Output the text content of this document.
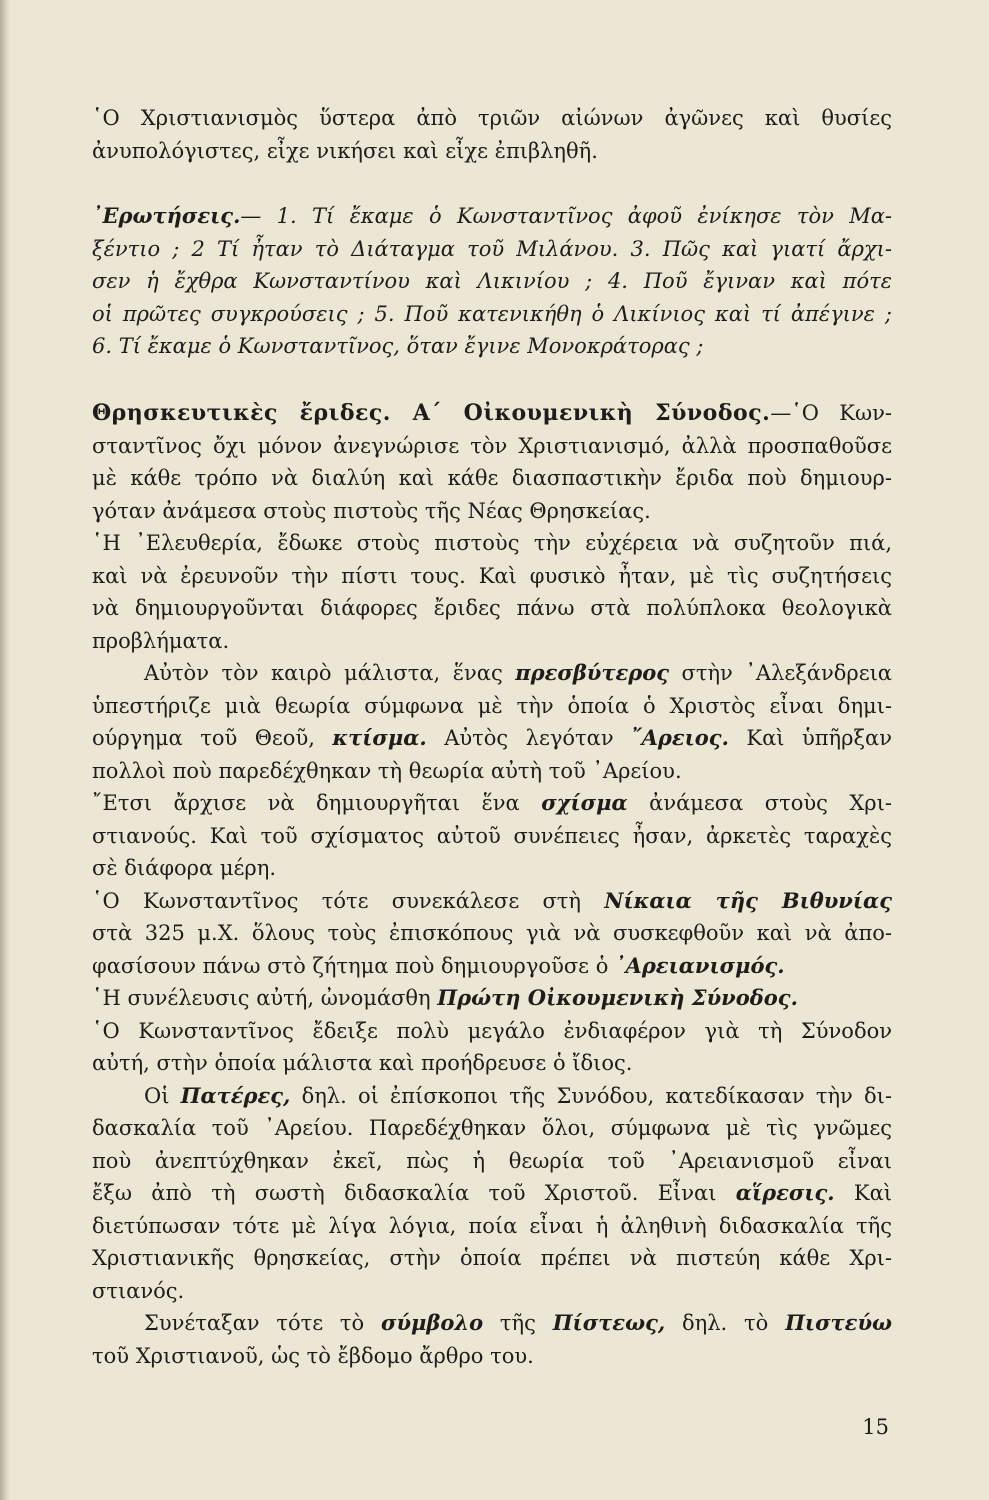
῾Ο Χριστιανισμὸς ὕστερα ἀπὸ τριῶν αἰώνων ἀγῶνες καὶ θυσίες
ἀνυπολόγιστες, εἶχε νικήσει καὶ εἶχε ἐπιβληθῆ.
᾿Ερωτήσεις.— 1. Τί ἔκαμε ὁ Κωνσταντῖνος ἀφοῦ ἐνίκησε τὸν Μα-
ξέντιο ; 2 Τί ἦταν τὸ Διάταγμα τοῦ Μιλάνου. 3. Πῶς καὶ γιατί ἄρχι-
σεν ἡ ἔχθρα Κωνσταντίνου καὶ Λικινίου ; 4. Ποῦ ἔγιναν καὶ πότε
οἱ πρῶτες συγκρούσεις ; 5. Ποῦ κατενικήθη ὁ Λικίνιος καὶ τί ἀπέγινε ;
6. Τί ἔκαμε ὁ Κωνσταντῖνος, ὅταν ἔγινε Μονοκράτορας ;
Θρησκευτικὲς ἔριδες. Α΄ Οἰκουμενικὴ Σύνοδος.—῾Ο Κων-
σταντῖνος ὄχι μόνον ἀνεγνώρισε τὸν Χριστιανισμό, ἀλλὰ προσπαθοῦσε
μὲ κάθε τρόπο νὰ διαλύη καὶ κάθε διασπαστικὴν ἔριδα ποὺ δημιουρ-
γόταν ἀνάμεσα στοὺς πιστοὺς τῆς Νέας Θρησκείας.
῾Η ᾿Ελευθερία, ἔδωκε στοὺς πιστοὺς τὴν εὐχέρεια νὰ συζητοῦν πιά,
καὶ νὰ ἐρευνοῦν τὴν πίστι τους. Καὶ φυσικὸ ἦταν, μὲ τὶς συζητήσεις
νὰ δημιουργοῦνται διάφορες ἔριδες πάνω στὰ πολύπλοκα θεολογικὰ
προβλήματα.
Αὐτὸν τὸν καιρὸ μάλιστα, ἕνας πρεσβύτερος στὴν ᾿Αλεξάνδρεια
ὑπεστήριζε μιὰ θεωρία σύμφωνα μὲ τὴν ὁποία ὁ Χριστὸς εἶναι δημι-
ούργημα τοῦ Θεοῦ, κτίσμα. Αὐτὸς λεγόταν ῎Αρειος. Καὶ ὑπῆρξαν
πολλοὶ ποὺ παρεδέχθηκαν τὴ θεωρία αὐτὴ τοῦ ᾿Αρείου.
῎Ετσι ἄρχισε νὰ δημιουργῆται ἕνα σχίσμα ἀνάμεσα στοὺς Χρι-
στιανούς. Καὶ τοῦ σχίσματος αὐτοῦ συνέπειες ἦσαν, ἀρκετὲς ταραχὲς
σὲ διάφορα μέρη.
῾Ο Κωνσταντῖνος τότε συνεκάλεσε στὴ Νίκαια τῆς Βιθυνίας
στὰ 325 μ.Χ. ὅλους τοὺς ἐπισκόπους γιὰ νὰ συσκεφθοῦν καὶ νὰ ἀπο-
φασίσουν πάνω στὸ ζήτημα ποὺ δημιουργοῦσε ὁ ᾿Αρειανισμός.
῾Η συνέλευσις αὐτή, ὠνομάσθη Πρώτη Οἰκουμενικὴ Σύνοδος.
῾Ο Κωνσταντῖνος ἔδειξε πολὺ μεγάλο ἐνδιαφέρον γιὰ τὴ Σύνοδον
αὐτή, στὴν ὁποία μάλιστα καὶ προήδρευσε ὁ ἴδιος.
Οἱ Πατέρες, δηλ. οἱ ἐπίσκοποι τῆς Συνόδου, κατεδίκασαν τὴν δι-
δασκαλία τοῦ ᾿Αρείου. Παρεδέχθηκαν ὅλοι, σύμφωνα μὲ τὶς γνῶμες
ποὺ ἀνεπτύχθηκαν ἐκεῖ, πὼς ἡ θεωρία τοῦ ᾿Αρειανισμοῦ εἶναι
ἔξω ἀπὸ τὴ σωστὴ διδασκαλία τοῦ Χριστοῦ. Εἶναι αἵρεσις. Καὶ
διετύπωσαν τότε μὲ λίγα λόγια, ποία εἶναι ἡ ἀληθινὴ διδασκαλία τῆς
Χριστιανικῆς θρησκείας, στὴν ὁποία πρέπει νὰ πιστεύη κάθε Χρι-
στιανός.
Συνέταξαν τότε τὸ σύμβολο τῆς Πίστεως, δηλ. τὸ Πιστεύω
τοῦ Χριστιανοῦ, ὡς τὸ ἔβδομο ἄρθρο του.
15
